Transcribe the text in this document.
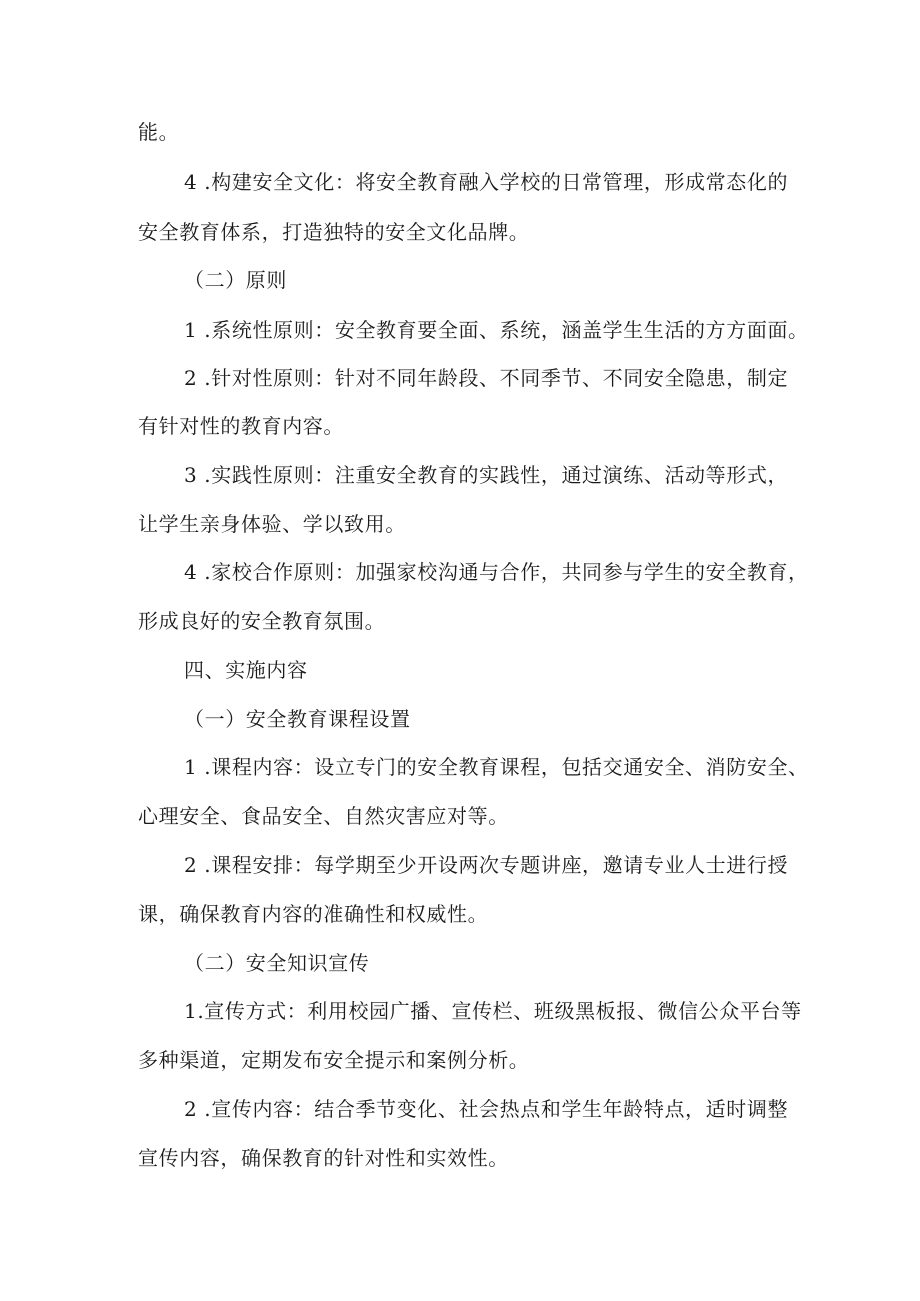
能。
4 .构建安全文化：将安全教育融入学校的日常管理，形成常态化的
安全教育体系，打造独特的安全文化品牌。
（二）原则
1 .系统性原则：安全教育要全面、系统，涵盖学生生活的方方面面。
2 .针对性原则：针对不同年龄段、不同季节、不同安全隐患，制定
有针对性的教育内容。
3 .实践性原则：注重安全教育的实践性，通过演练、活动等形式，
让学生亲身体验、学以致用。
4 .家校合作原则：加强家校沟通与合作，共同参与学生的安全教育，
形成良好的安全教育氛围。
四、实施内容
（一）安全教育课程设置
1 .课程内容：设立专门的安全教育课程，包括交通安全、消防安全、
心理安全、食品安全、自然灾害应对等。
2 .课程安排：每学期至少开设两次专题讲座，邀请专业人士进行授
课，确保教育内容的准确性和权威性。
（二）安全知识宣传
1.宣传方式：利用校园广播、宣传栏、班级黑板报、微信公众平台等
多种渠道，定期发布安全提示和案例分析。
2 .宣传内容：结合季节变化、社会热点和学生年龄特点，适时调整
宣传内容，确保教育的针对性和实效性。
